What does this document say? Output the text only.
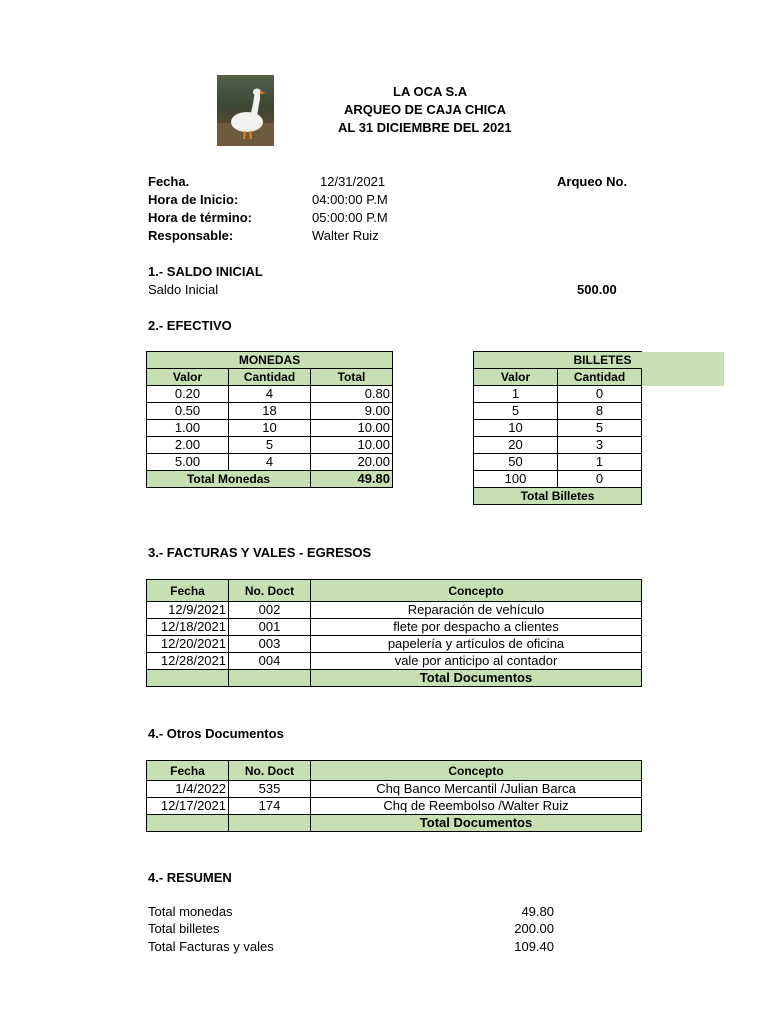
LA OCA S.A
ARQUEO DE CAJA CHICA
AL 31 DICIEMBRE DEL 2021
Fecha.	12/31/2021	Arqueo No.
Hora de Inicio:	04:00:00 P.M
Hora de término:	05:00:00 P.M
Responsable:	Walter Ruiz
1.- SALDO INICIAL
Saldo Inicial	500.00
2.- EFECTIVO
MONEDAS		
Valor	Cantidad	Total
0.20	4	0.80
0.50	18	9.00
1.00	10	10.00
2.00	5	10.00
5.00	4	20.00
Total Monedas		49.80
BILLETES	
Valor	Cantidad
1	0
5	8
10	5
20	3
50	1
100	0
Total Billetes	
3.- FACTURAS Y VALES - EGRESOS
Fecha	No. Doct	Concepto
12/9/2021	002	Reparación de vehículo
12/18/2021	001	flete por despacho a clientes
12/20/2021	003	papelería y artículos de oficina
12/28/2021	004	vale por anticipo al contador
		Total Documentos
4.- Otros Documentos
Fecha	No. Doct	Concepto
1/4/2022	535	Chq Banco Mercantil /Julian Barca
12/17/2021	174	Chq de Reembolso /Walter Ruiz
		Total Documentos
4.- RESUMEN
Total monedas	49.80
Total billetes	200.00
Total Facturas y vales	109.40
